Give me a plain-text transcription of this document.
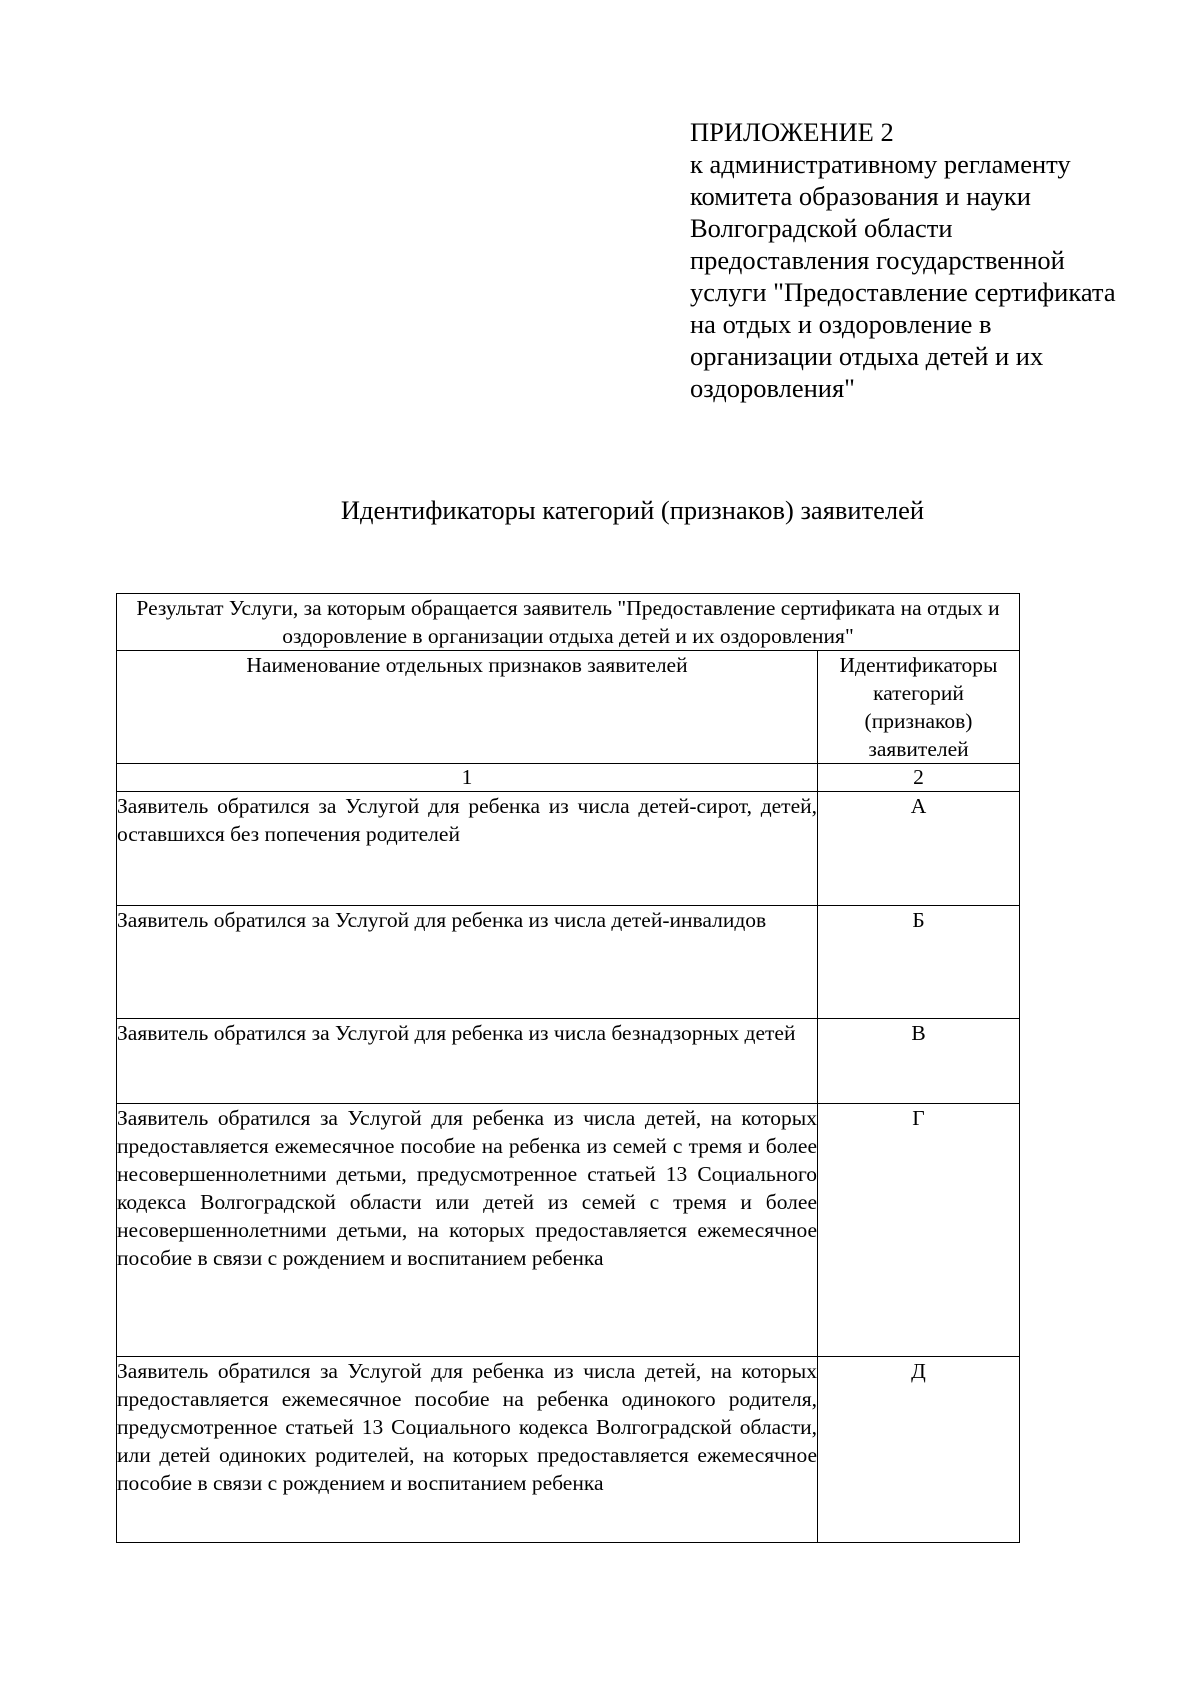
ПРИЛОЖЕНИЕ 2
к административному регламенту
комитета образования и науки
Волгоградской области
предоставления государственной
услуги "Предоставление сертификата
на отдых и оздоровление в
организации отдыха детей и их
оздоровления"
Идентификаторы категорий (признаков) заявителей
Результат Услуги, за которым обращается заявитель "Предоставление сертификата на отдых и оздоровление в организации отдыха детей и их оздоровления"	
Наименование отдельных признаков заявителей	Идентификаторы категорий (признаков) заявителей
1	2
Заявитель обратился за Услугой для ребенка из числа детей-сирот, детей, оставшихся без попечения родителей	А
Заявитель обратился за Услугой для ребенка из числа детей-инвалидов	Б
Заявитель обратился за Услугой для ребенка из числа безнадзорных детей	В
Заявитель обратился за Услугой для ребенка из числа детей, на которых предоставляется ежемесячное пособие на ребенка из семей с тремя и более несовершеннолетними детьми, предусмотренное статьей 13 Социального кодекса Волгоградской области или детей из семей с тремя и более несовершеннолетними детьми, на которых предоставляется ежемесячное пособие в связи с рождением и воспитанием ребенка	Г
Заявитель обратился за Услугой для ребенка из числа детей, на которых предоставляется ежемесячное пособие на ребенка одинокого родителя, предусмотренное статьей 13 Социального кодекса Волгоградской области, или детей одиноких родителей, на которых предоставляется ежемесячное пособие в связи с рождением и воспитанием ребенка	Д
